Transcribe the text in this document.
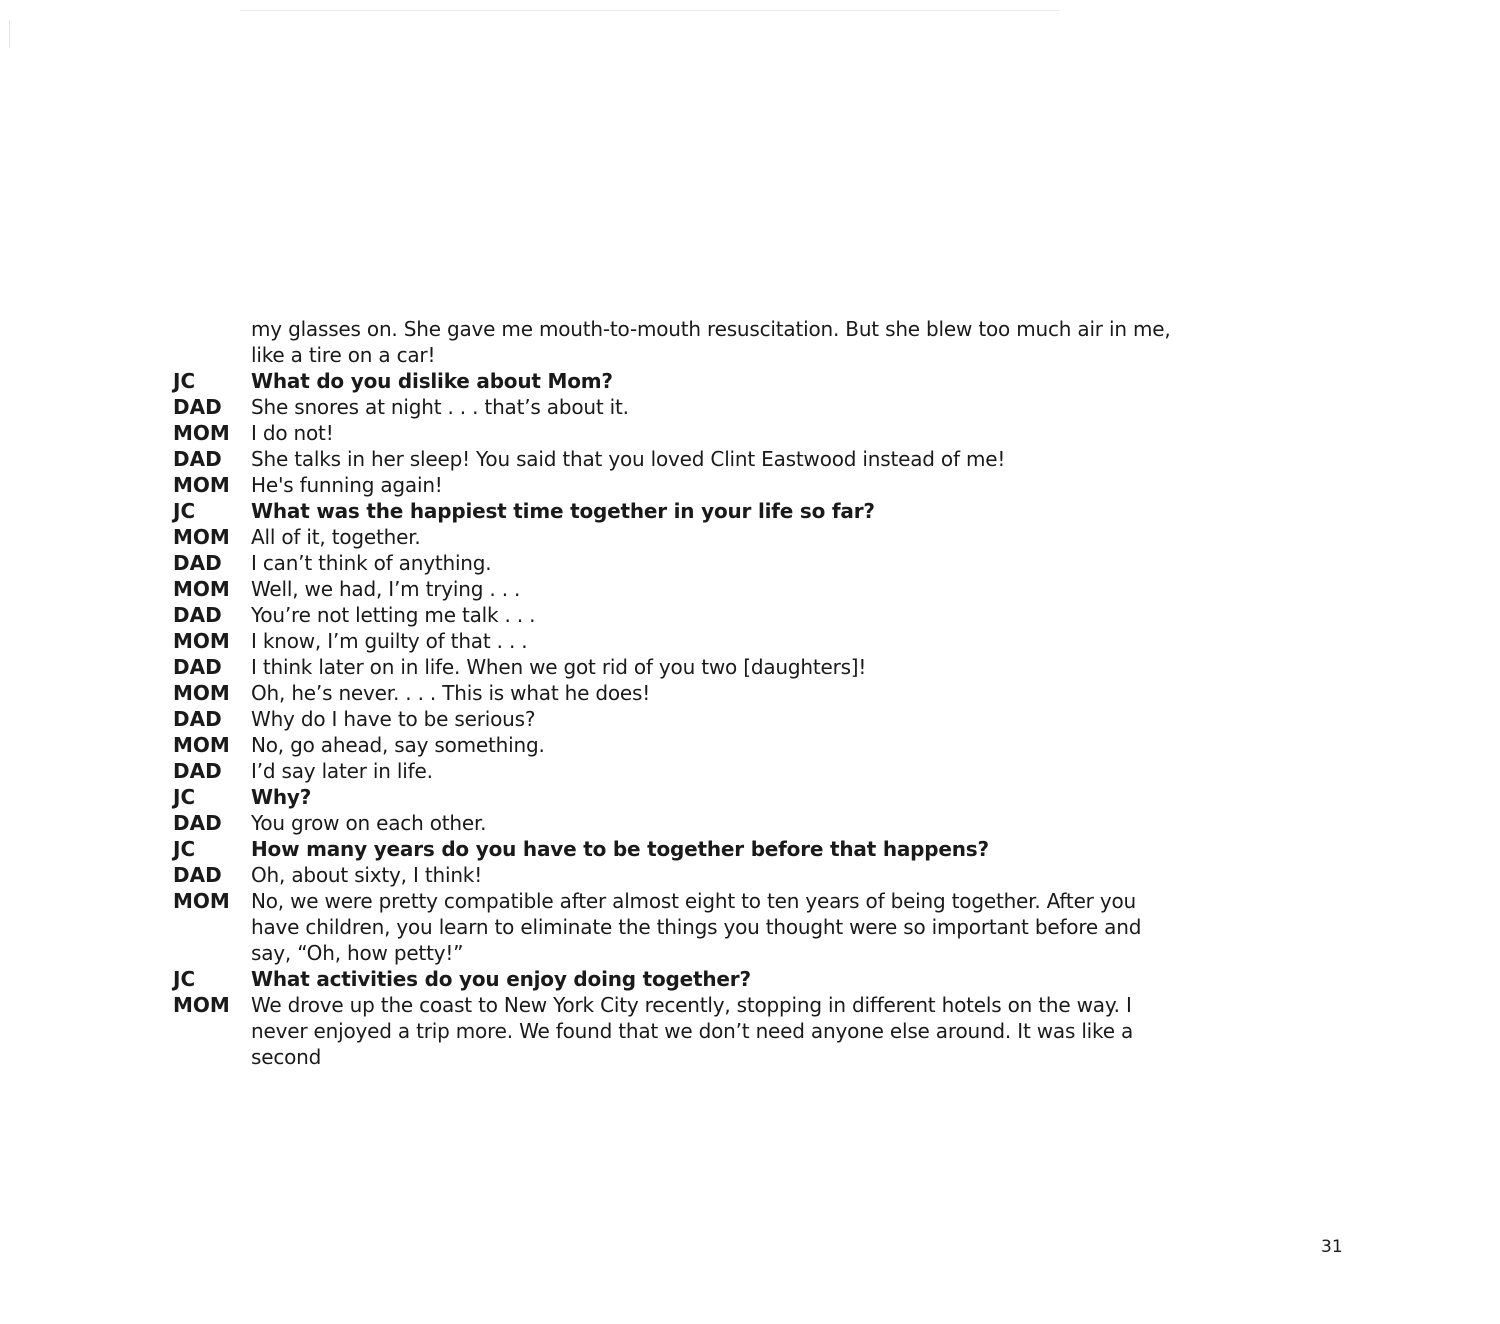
my glasses on. She gave me mouth-to-mouth resuscitation. But she blew too much air in me, like a tire on a car!
JC	What do you dislike about Mom?
DAD	She snores at night . . . that’s about it.
MOM	I do not!
DAD	She talks in her sleep! You said that you loved Clint Eastwood instead of me!
MOM	He's funning again!
JC	What was the happiest time together in your life so far?
MOM	All of it, together.
DAD	I can’t think of anything.
MOM	Well, we had, I’m trying . . .
DAD	You’re not letting me talk . . .
MOM	I know, I’m guilty of that . . .
DAD	I think later on in life. When we got rid of you two [daughters]!
MOM	Oh, he’s never. . . . This is what he does!
DAD	Why do I have to be serious?
MOM	No, go ahead, say something.
DAD	I’d say later in life.
JC	Why?
DAD	You grow on each other.
JC	How many years do you have to be together before that happens?
DAD	Oh, about sixty, I think!
MOM	No, we were pretty compatible after almost eight to ten years of being together. After you have children, you learn to eliminate the things you thought were so important before and say, “Oh, how petty!”
JC	What activities do you enjoy doing together?
MOM	We drove up the coast to New York City recently, stopping in different hotels on the way. I never enjoyed a trip more. We found that we don’t need anyone else around. It was like a second
31
